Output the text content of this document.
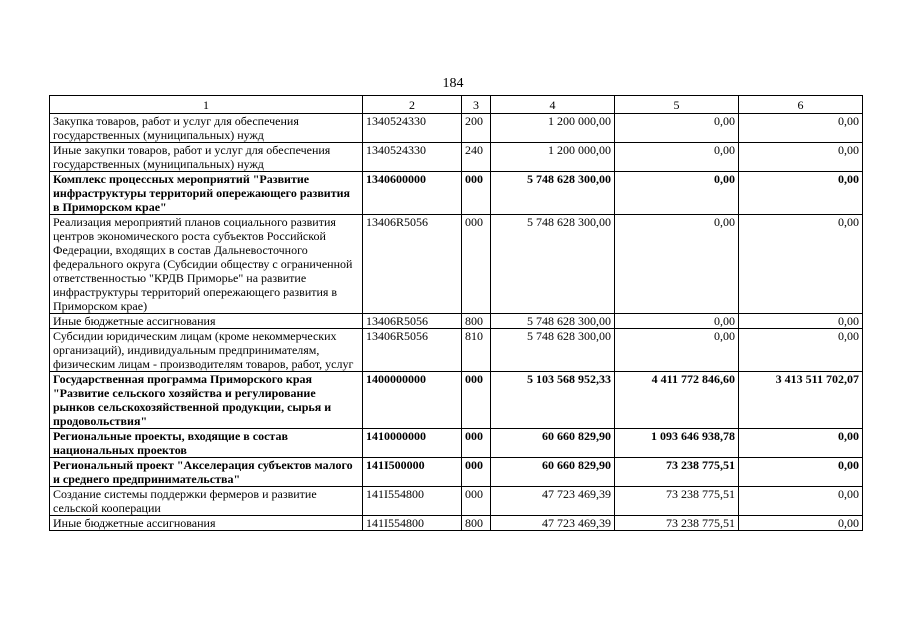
184
1	2	3	4	5	6
Закупка товаров, работ и услуг для обеспечения государственных (муниципальных) нужд	1340524330	200	1 200 000,00	0,00	0,00
Иные закупки товаров, работ и услуг для обеспечения государственных (муниципальных) нужд	1340524330	240	1 200 000,00	0,00	0,00
Комплекс процессных мероприятий "Развитие инфраструктуры территорий опережающего развития в Приморском крае"	1340600000	000	5 748 628 300,00	0,00	0,00
Реализация мероприятий планов социального развития центров экономического роста субъектов Российской Федерации, входящих в состав Дальневосточного федерального округа (Субсидии обществу с ограниченной ответственностью "КРДВ Приморье" на развитие инфраструктуры территорий опережающего развития в Приморском крае)	13406R5056	000	5 748 628 300,00	0,00	0,00
Иные бюджетные ассигнования	13406R5056	800	5 748 628 300,00	0,00	0,00
Субсидии юридическим лицам (кроме некоммерческих организаций), индивидуальным предпринимателям, физическим лицам - производителям товаров, работ, услуг	13406R5056	810	5 748 628 300,00	0,00	0,00
Государственная программа Приморского края "Развитие сельского хозяйства и регулирование рынков сельскохозяйственной продукции, сырья и продовольствия"	1400000000	000	5 103 568 952,33	4 411 772 846,60	3 413 511 702,07
Региональные проекты, входящие в состав национальных проектов	1410000000	000	60 660 829,90	1 093 646 938,78	0,00
Региональный проект "Акселерация субъектов малого и среднего предпринимательства"	141I500000	000	60 660 829,90	73 238 775,51	0,00
Создание системы поддержки фермеров и развитие сельской кооперации	141I554800	000	47 723 469,39	73 238 775,51	0,00
Иные бюджетные ассигнования	141I554800	800	47 723 469,39	73 238 775,51	0,00
